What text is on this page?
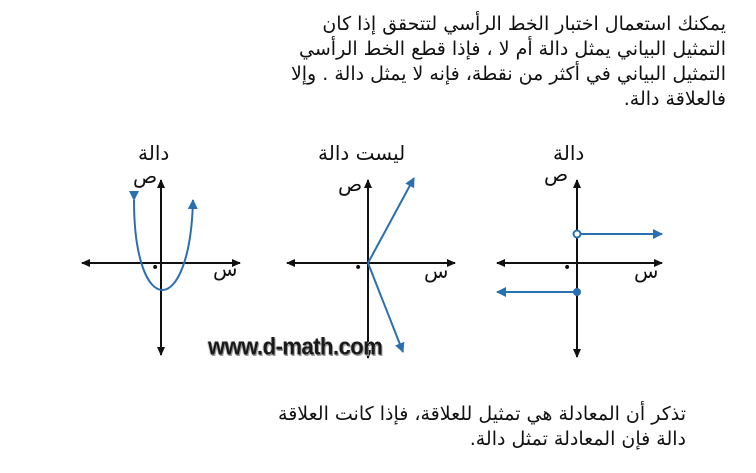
يمكنك استعمال اختبار الخط الرأسي لتتحقق إذا كان
التمثيل البياني يمثل دالة أم لا ، فإذا قطع الخط الرأسي
التمثيل البياني في أكثر من نقطة، فإنه لا يمثل دالة . وإلا
فالعلاقة دالة.
دالة	ليست دالة	دالة
ص
س
•
ص
س
•
ص
س
•
www.d-math.com
تذكر أن المعادلة هي تمثيل للعلاقة، فإذا كانت العلاقة
دالة فإن المعادلة تمثل دالة.
